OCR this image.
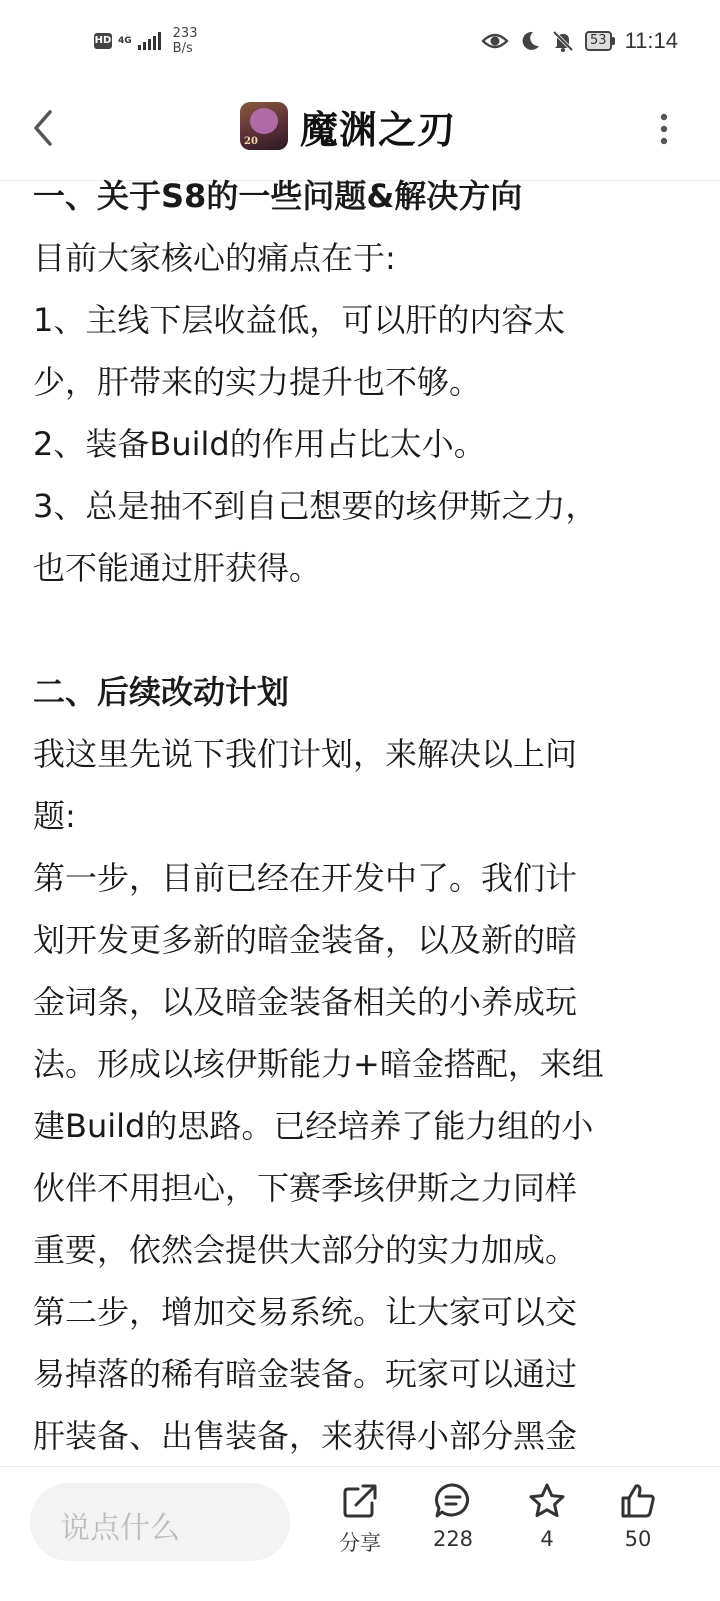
HD 4G	233
B/s
53 11:14
20 魔渊之刃
一、关于S8的一些问题&解决方向
目前大家核心的痛点在于:
1、主线下层收益低，可以肝的内容太
少，肝带来的实力提升也不够。
2、装备Build的作用占比太小。
3、总是抽不到自己想要的垓伊斯之力，
也不能通过肝获得。
二、后续改动计划
我这里先说下我们计划，来解决以上问
题:
第一步，目前已经在开发中了。我们计
划开发更多新的暗金装备，以及新的暗
金词条，以及暗金装备相关的小养成玩
法。形成以垓伊斯能力+暗金搭配，来组
建Build的思路。已经培养了能力组的小
伙伴不用担心，下赛季垓伊斯之力同样
重要，依然会提供大部分的实力加成。
第二步，增加交易系统。让大家可以交
易掉落的稀有暗金装备。玩家可以通过
肝装备、出售装备，来获得小部分黑金
说点什么	分享	228	4	50
